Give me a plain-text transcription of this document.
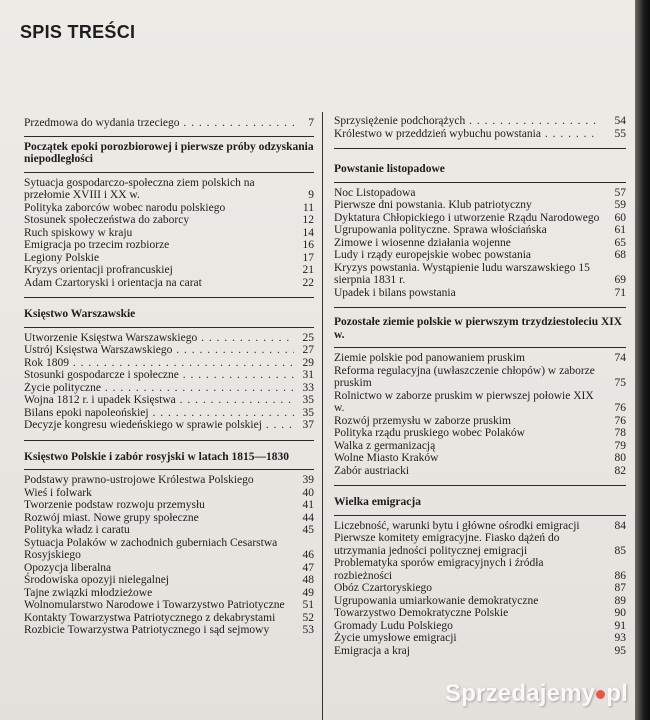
SPIS TREŚCI
Przedmowa do wydania trzeciego . . .	7
Początek epoki porozbiorowej i pierwsze próby odzyskania niepodległości
Sytuacja gospodarczo-społeczna ziem polskich na przełomie XVIII i XX w.	9
Polityka zaborców wobec narodu polskiego	11
Stosunek społeczeństwa do zaborcy	12
Ruch spiskowy w kraju	14
Emigracja po trzecim rozbiorze	16
Legiony Polskie	17
Kryzys orientacji profrancuskiej	21
Adam Czartoryski i orientacja na carat	22
Księstwo Warszawskie
Utworzenie Księstwa Warszawskiego . . .	25
Ustrój Księstwa Warszawskiego . . .	27
Rok 1809 . . .	29
Stosunki gospodarcze i społeczne . . .	31
Życie polityczne . . .	33
Wojna 1812 r. i upadek Księstwa . . .	35
Bilans epoki napoleońskiej . . .	35
Decyzje kongresu wiedeńskiego w sprawie polskiej . . .	37
Księstwo Polskie i zabór rosyjski w latach 1815—1830
Podstawy prawno-ustrojowe Królestwa Polskiego	39
Wieś i folwark	40
Tworzenie podstaw rozwoju przemysłu	41
Rozwój miast. Nowe grupy społeczne	44
Polityka władz i caratu	45
Sytuacja Polaków w zachodnich guberniach Cesarstwa Rosyjskiego	46
Opozycja liberalna	47
Środowiska opozyji nielegalnej	48
Tajne związki młodzieżowe	49
Wolnomularstwo Narodowe i Towarzystwo Patriotyczne	51
Kontakty Towarzystwa Patriotycznego z dekabrystami	52
Rozbicie Towarzystwa Patriotycznego i sąd sejmowy	53
Sprzysiężenie podchorążych . . .	54
Królestwo w przeddzień wybuchu powstania . . .	55
Powstanie listopadowe
Noc Listopadowa	57
Pierwsze dni powstania. Klub patriotyczny	59
Dyktatura Chłopickiego i utworzenie Rządu Narodowego 60
Ugrupowania polityczne. Sprawa włościańska	61
Zimowe i wiosenne działania wojenne	65
Ludy i rządy europejskie wobec powstania	68
Kryzys powstania. Wystąpienie ludu warszawskiego 15 sierpnia 1831 r.	69
Upadek i bilans powstania	71
Pozostałe ziemie polskie w pierwszym trzydziestoleciu XIX w.
Ziemie polskie pod panowaniem pruskim	74
Reforma regulacyjna (uwłaszczenie chłopów) w zaborze pruskim	75
Rolnictwo w zaborze pruskim w pierwszej połowie XIX w.	76
Rozwój przemysłu w zaborze pruskim	76
Polityka rządu pruskiego wobec Polaków	78
Walka z germanizacją	79
Wolne Miasto Kraków	80
Zabór austriacki	82
Wielka emigracja
Liczebność, warunki bytu i główne ośrodki emigracji	84
Pierwsze komitety emigracyjne. Fiasko dążeń do utrzymania jedności politycznej emigracji	85
Problematyka sporów emigracyjnych i źródła rozbieżności	86
Obóz Czartoryskiego	87
Ugrupowania umiarkowanie demokratyczne	89
Towarzystwo Demokratyczne Polskie	90
Gromady Ludu Polskiego	91
Życie umysłowe emigracji	93
Emigracja a kraj	95
Sprzedajemy pl
